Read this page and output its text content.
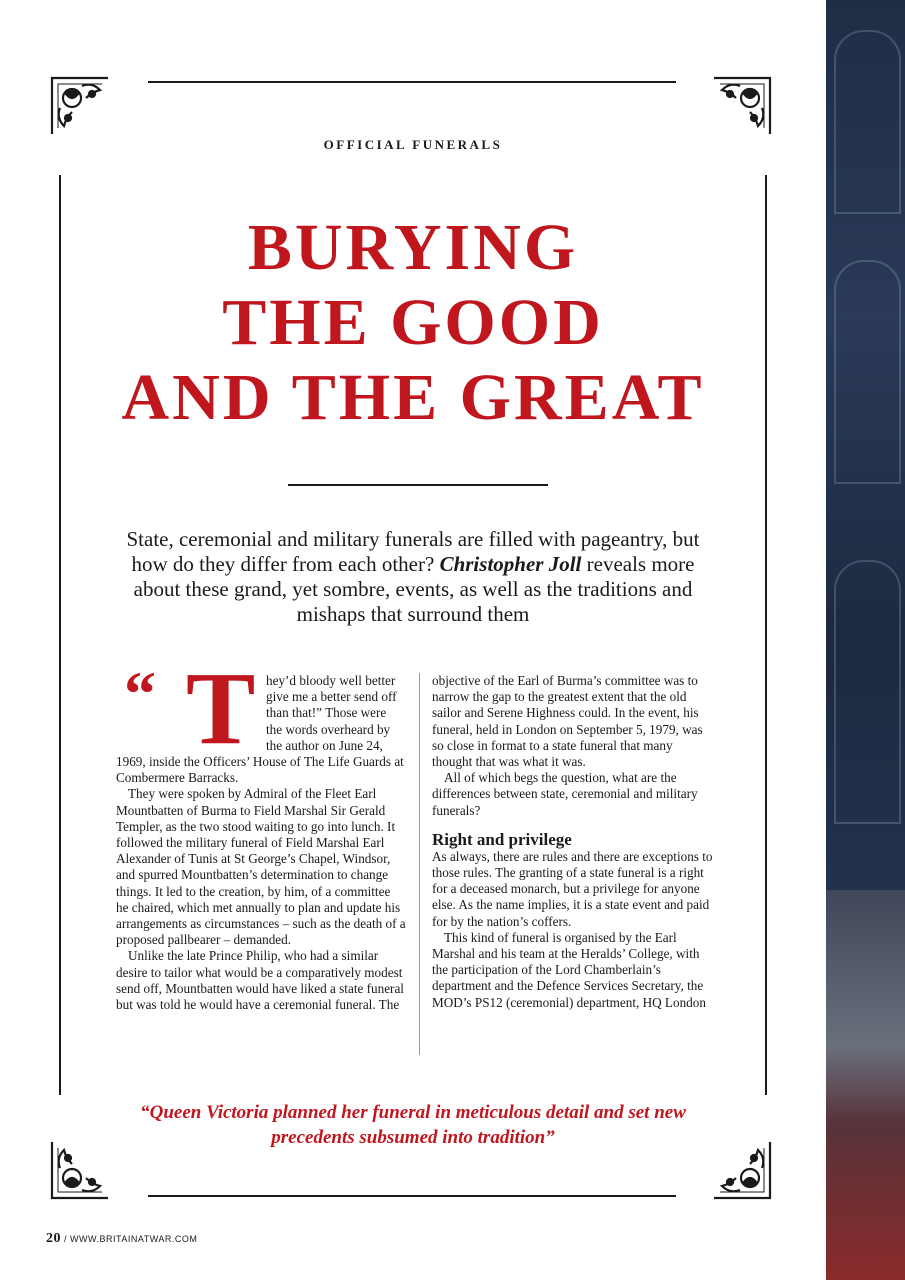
OFFICIAL FUNERALS
BURYING
THE GOOD
AND THE GREAT
State, ceremonial and military funerals are filled with pageantry, but how do they differ from each other? Christopher Joll reveals more about these grand, yet sombre, events, as well as the traditions and mishaps that surround them
“ T hey’d bloody well better
give me a better send off
than that!” Those were
the words overheard by
the author on June 24,

1969, inside the Officers’ House of The Life Guards at Combermere Barracks.

They were spoken by Admiral of the Fleet Earl Mountbatten of Burma to Field Marshal Sir Gerald Templer, as the two stood waiting to go into lunch. It followed the military funeral of Field Marshal Earl Alexander of Tunis at St George’s Chapel, Windsor, and spurred Mountbatten’s determination to change things. It led to the creation, by him, of a committee he chaired, which met annually to plan and update his arrangements as circumstances – such as the death of a proposed pallbearer – demanded.

Unlike the late Prince Philip, who had a similar desire to tailor what would be a comparatively modest send off, Mountbatten would have liked a state funeral but was told he would have a ceremonial funeral. The

objective of the Earl of Burma’s committee was to narrow the gap to the greatest extent that the old sailor and Serene Highness could. In the event, his funeral, held in London on September 5, 1979, was so close in format to a state funeral that many thought that was what it was.

All of which begs the question, what are the differences between state, ceremonial and military funerals?

Right and privilege

As always, there are rules and there are exceptions to those rules. The granting of a state funeral is a right for a deceased monarch, but a privilege for anyone else. As the name implies, it is a state event and paid for by the nation’s coffers.

This kind of funeral is organised by the Earl Marshal and his team at the Heralds’ College, with the participation of the Lord Chamberlain’s department and the Defence Services Secretary, the MOD’s PS12 (ceremonial) department, HQ London

“Queen Victoria planned her funeral in meticulous detail and set new precedents subsumed into tradition”
20 / WWW.BRITAINATWAR.COM
